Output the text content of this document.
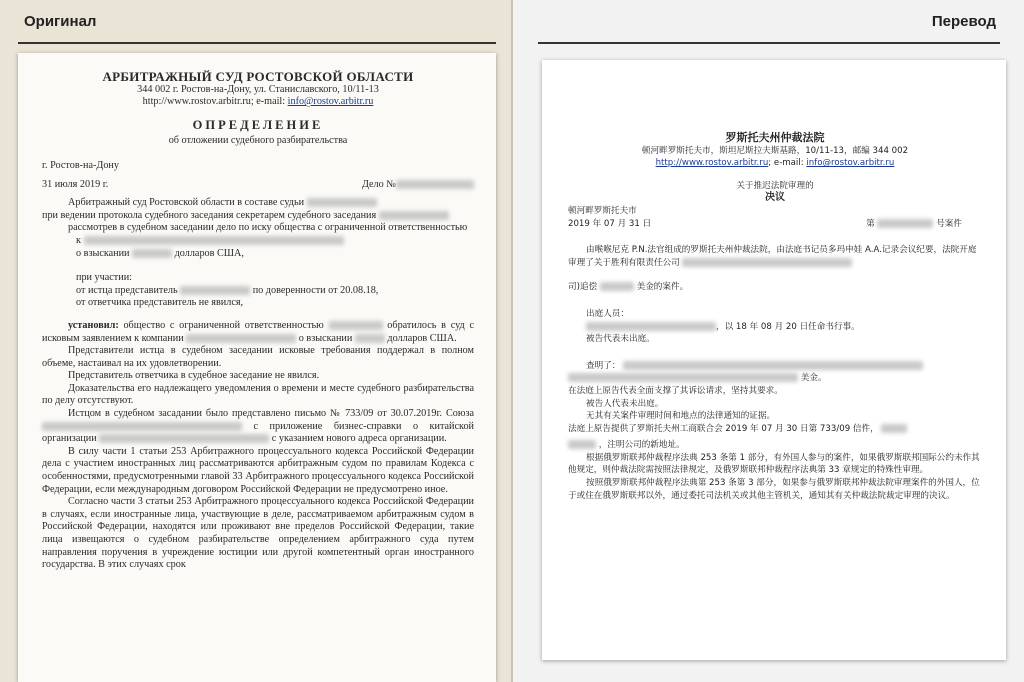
Оригинал	Перевод

АРБИТРАЖНЫЙ СУД РОСТОВСКОЙ ОБЛАСТИ

344 002 г. Ростов-на-Дону, ул. Станиславского, 10/11-13

http://www.rostov.arbitr.ru; e-mail: info@rostov.arbitr.ru

ОПРЕДЕЛЕНИЕ

об отложении судебного разбирательства

г. Ростов-на-Дону

31 июля 2019 г.	Дело №

Арбитражный суд Ростовской области в составе судьи

при ведении протокола судебного заседания секретарем судебного заседания

рассмотрев в судебном заседании дело по иску общества с ограниченной ответственностью

к

о взыскании	долларов США,

при участии:

от истца представитель	по доверенности от 20.08.18,

от ответчика представитель не явился,

установил: общество с ограниченной ответственностью	обратилось в суд с исковым заявлением к компании	о взыскании	долларов США.

Представители истца в судебном заседании исковые требования поддержал в полном объеме, настаивал на их удовлетворении.

Представитель ответчика в судебное заседание не явился.

Доказательства его надлежащего уведомления о времени и месте судебного разбирательства по делу отсутствуют.

Истцом в судебном засадании было представлено письмо № 733/09 от 30.07.2019г. Союза  с приложение бизнес-справки о китайской организации	с указанием нового адреса организации.

В силу части 1 статьи 253 Арбитражного процессуального кодекса Российской Федерации дела с участием иностранных лиц рассматриваются арбитражным судом по правилам Кодекса с особенностями, предусмотренными главой 33 Арбитражного процессуального кодекса Российской Федерации, если международным договором Российской Федерации не предусмотрено иное.

Согласно части 3 статьи 253 Арбитражного процессуального кодекса Российской Федерации в случаях, если иностранные лица, участвующие в деле, рассматриваемом арбитражным судом в Российской Федерации, находятся или проживают вне пределов Российской Федерации, такие лица извещаются о судебном разбирательстве определением арбитражного суда путем направления поручения в учреждение юстиции или другой компетентный орган иностранного государства. В этих случаях срок

罗斯托夫州仲裁法院

顿河畔罗斯托夫市，斯坦尼斯拉夫斯基路，10/11-13，邮编 344 002

http://www.rostov.arbitr.ru; e-mail: info@rostov.arbitr.ru

关于推迟法院审理的

决议

顿河畔罗斯托夫市

2019 年 07 月 31 日	第	号案件

由喉喉尼克 P.N.法官组成的罗斯托夫州仲裁法院，由法庭书记员多玛申娃 A.A.记录会议纪要，法院开庭审理了关于胜利有限责任公司

司)追偿	美金的案件。

出庭人员：

，以 18 年 08 月 20 日任命书行事。

被告代表未出庭。

查明了：

美金。

在法庭上原告代表全面支撑了其诉讼请求，坚持其要求。

被告人代表未出庭。

无其有关案件审理时间和地点的法律通知的证据。

法庭上原告提供了罗斯托夫州工商联合会 2019 年 07 月 30 日第 733/09 信件，

，注明公司的新地址。

根据俄罗斯联邦仲裁程序法典 253 条第 1 部分，有外国人参与的案件，如果俄罗斯联邦国际公约未作其他规定，则仲裁法院需按照法律规定，及俄罗斯联邦仲裁程序法典第 33 章规定的特殊性审理。

按照俄罗斯联邦仲裁程序法典第 253 条第 3 部分，如果参与俄罗斯联邦仲裁法院审理案件的外国人，位于或住在俄罗斯联邦以外，通过委托司法机关或其他主管机关，通知其有关仲裁法院裁定审理的决议。
